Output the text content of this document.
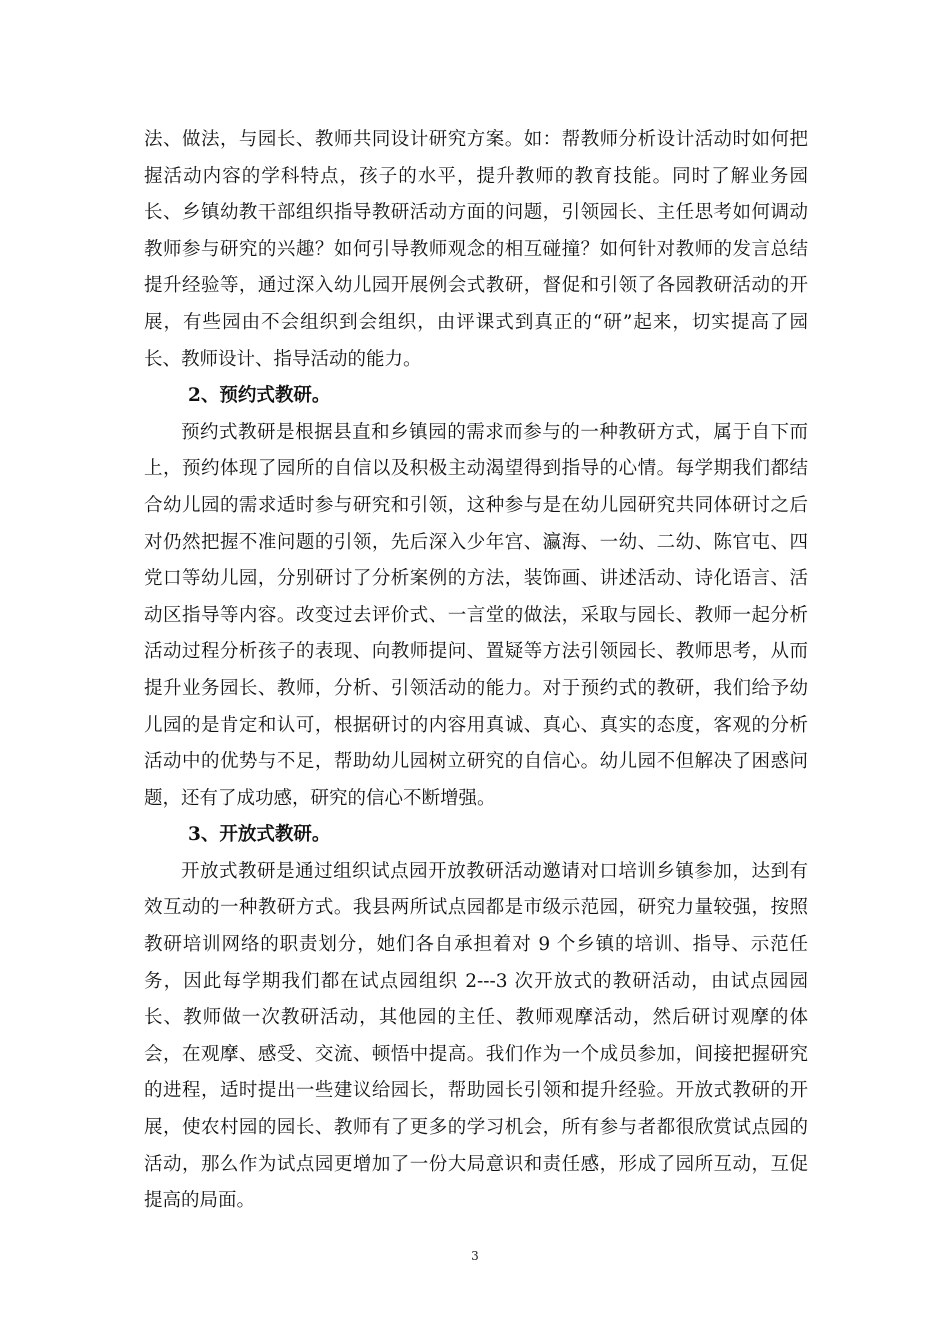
法、做法，与园长、教师共同设计研究方案。如：帮教师分析设计活动时如何把握活动内容的学科特点，孩子的水平，提升教师的教育技能。同时了解业务园长、乡镇幼教干部组织指导教研活动方面的问题，引领园长、主任思考如何调动教师参与研究的兴趣？如何引导教师观念的相互碰撞？如何针对教师的发言总结提升经验等，通过深入幼儿园开展例会式教研，督促和引领了各园教研活动的开展，有些园由不会组织到会组织，由评课式到真正的“研”起来，切实提高了园长、教师设计、指导活动的能力。

2、预约式教研。

预约式教研是根据县直和乡镇园的需求而参与的一种教研方式，属于自下而上，预约体现了园所的自信以及积极主动渴望得到指导的心情。每学期我们都结合幼儿园的需求适时参与研究和引领，这种参与是在幼儿园研究共同体研讨之后对仍然把握不准问题的引领，先后深入少年宫、瀛海、一幼、二幼、陈官屯、四党口等幼儿园，分别研讨了分析案例的方法，装饰画、讲述活动、诗化语言、活动区指导等内容。改变过去评价式、一言堂的做法，采取与园长、教师一起分析活动过程分析孩子的表现、向教师提问、置疑等方法引领园长、教师思考，从而提升业务园长、教师，分析、引领活动的能力。对于预约式的教研，我们给予幼儿园的是肯定和认可，根据研讨的内容用真诚、真心、真实的态度，客观的分析活动中的优势与不足，帮助幼儿园树立研究的自信心。幼儿园不但解决了困惑问题，还有了成功感，研究的信心不断增强。

3、开放式教研。

开放式教研是通过组织试点园开放教研活动邀请对口培训乡镇参加，达到有效互动的一种教研方式。我县两所试点园都是市级示范园，研究力量较强，按照教研培训网络的职责划分，她们各自承担着对 9 个乡镇的培训、指导、示范任务，因此每学期我们都在试点园组织 2---3 次开放式的教研活动，由试点园园长、教师做一次教研活动，其他园的主任、教师观摩活动，然后研讨观摩的体会，在观摩、感受、交流、顿悟中提高。我们作为一个成员参加，间接把握研究的进程，适时提出一些建议给园长，帮助园长引领和提升经验。开放式教研的开展，使农村园的园长、教师有了更多的学习机会，所有参与者都很欣赏试点园的活动，那么作为试点园更增加了一份大局意识和责任感，形成了园所互动，互促提高的局面。

3
